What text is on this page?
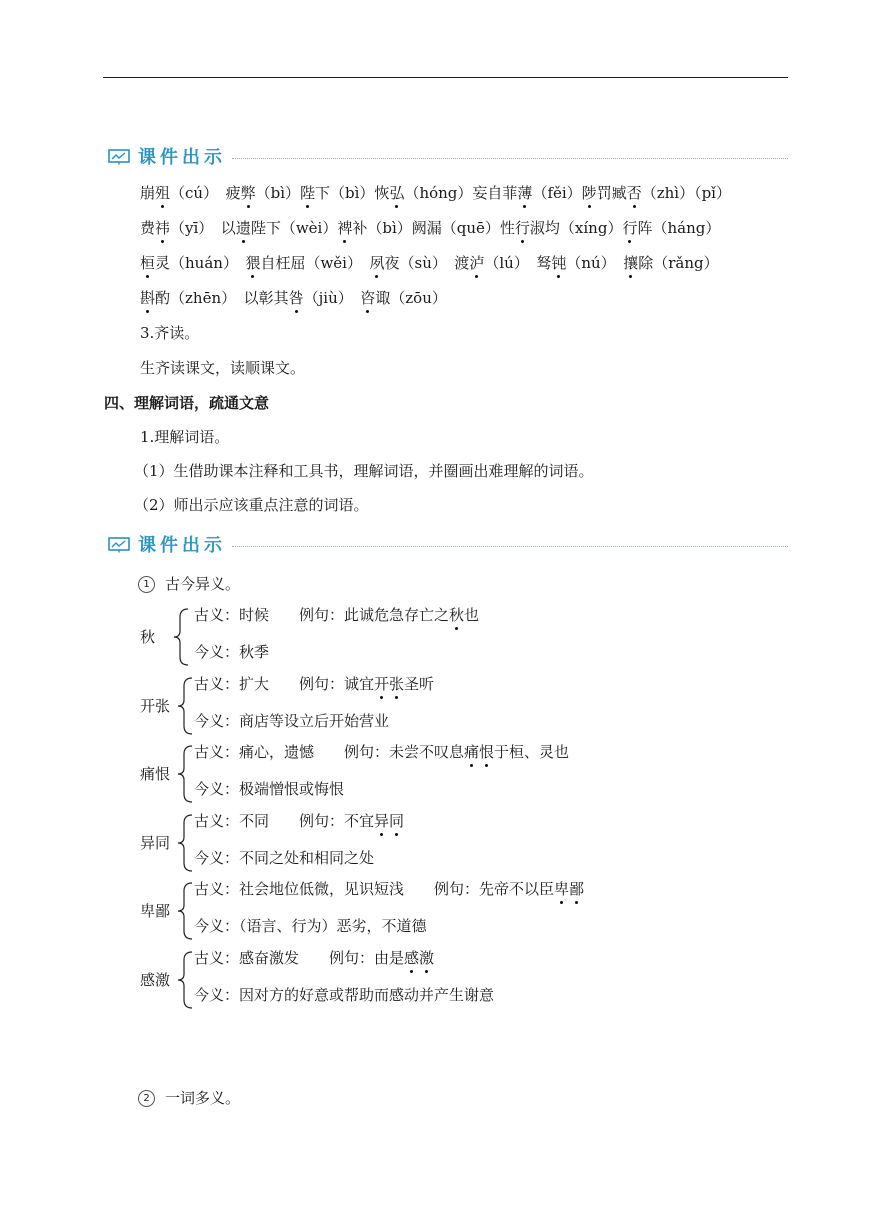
课件出示
崩殂（cú）　疲弊（bì）陛下（bì）恢弘（hóng）妄自菲薄（fěi）陟罚臧否（zhì）（pǐ）
费祎（yī）　以遗陛下（wèi）裨补（bì）阙漏（quē）性行淑均（xíng）行阵（háng）
桓灵（huán）　猥自枉屈（wěi）　夙夜（sù）　渡泸（lú）　驽钝（nú）　攘除（rǎng）
斟酌（zhēn）　以彰其咎（jiù）　咨诹（zōu）
3.齐读。
生齐读课文，读顺课文。
四、理解词语，疏通文意
1.理解词语。
（1）生借助课本注释和工具书，理解词语，并圈画出难理解的词语。
（2）师出示应该重点注意的词语。
课件出示
1 古今异义。
秋
古义：时候　　例句：此诚危急存亡之秋也
今义：秋季
开张
古义：扩大　　例句：诚宜开张圣听
今义：商店等设立后开始营业
痛恨
古义：痛心，遗憾　　例句：未尝不叹息痛恨于桓、灵也
今义：极端憎恨或悔恨
异同
古义：不同　　例句：不宜异同
今义：不同之处和相同之处
卑鄙
古义：社会地位低微，见识短浅　　例句：先帝不以臣卑鄙
今义：（语言、行为）恶劣，不道德
感激
古义：感奋激发　　例句：由是感激
今义：因对方的好意或帮助而感动并产生谢意
2 一词多义。
